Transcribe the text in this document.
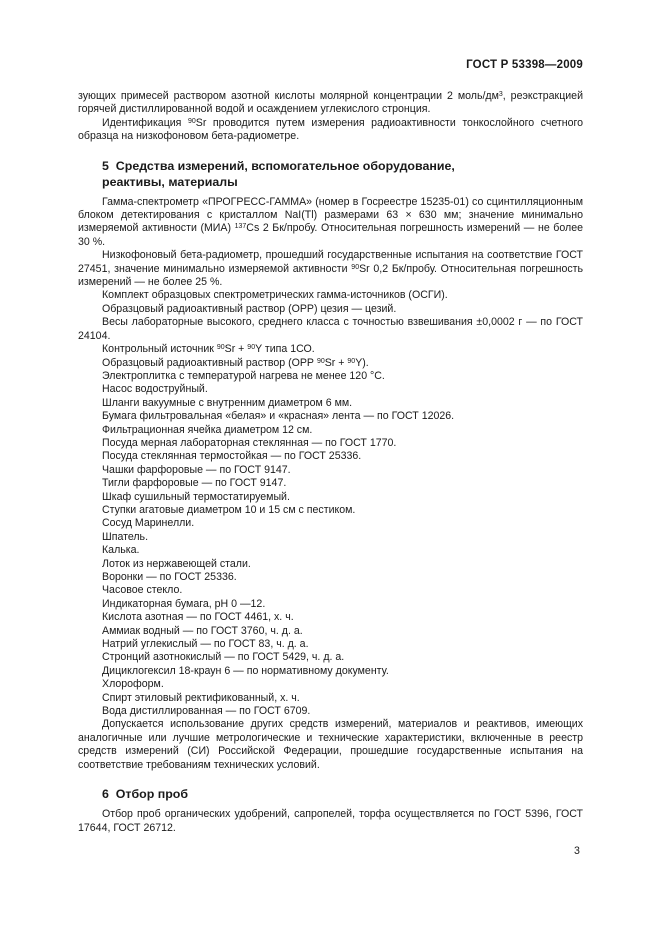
ГОСТ Р 53398—2009

зующих примесей раствором азотной кислоты молярной концентрации 2 моль/$дм^3$, реэкстракцией горячей дистиллированной водой и осаждением углекислого стронция.

Идентификация $^{90}$Sr проводится путем измерения радиоактивности тонкослойного счетного образца на низкофоновом бета-радиометре.

5 Средства измерений, вспомогательное оборудование,
реактивы, материалы

Гамма-спектрометр «ПРОГРЕСС-ГАММА» (номер в Госреестре 15235-01) со сцинтилляционным блоком детектирования с кристаллом NaI(Tl) размерами 63 × 630 мм; значение минимально измеряемой активности (МИА) $^{137}$Cs 2 Бк/пробу. Относительная погрешность измерений — не более 30 %.

Низкофоновый бета-радиометр, прошедший государственные испытания на соответствие ГОСТ 27451, значение минимально измеряемой активности $^{90}$Sr 0,2 Бк/пробу. Относительная погрешность измерений — не более 25 %.

Комплект образцовых спектрометрических гамма-источников (ОСГИ).
Образцовый радиоактивный раствор (ОРР) цезия — цезий.

Весы лабораторные высокого, среднего класса с точностью взвешивания ±0,0002 г — по ГОСТ 24104.

Контрольный источник $^{90}$Sr + $^{90}$Y типа 1СО.
Образцовый радиоактивный раствор (ОРР $^{90}$Sr + $^{90}$Y).
Электроплитка с температурой нагрева не менее 120 °С.
Насос водоструйный.
Шланги вакуумные с внутренним диаметром 6 мм.
Бумага фильтровальная «белая» и «красная» лента — по ГОСТ 12026.
Фильтрационная ячейка диаметром 12 см.
Посуда мерная лабораторная стеклянная — по ГОСТ 1770.
Посуда стеклянная термостойкая — по ГОСТ 25336.
Чашки фарфоровые — по ГОСТ 9147.
Тигли фарфоровые — по ГОСТ 9147.
Шкаф сушильный термостатируемый.
Ступки агатовые диаметром 10 и 15 см с пестиком.
Сосуд Маринелли.
Шпатель.
Калька.
Лоток из нержавеющей стали.
Воронки — по ГОСТ 25336.
Часовое стекло.
Индикаторная бумага, pH 0 —12.
Кислота азотная — по ГОСТ 4461, х. ч.
Аммиак водный — по ГОСТ 3760, ч. д. а.
Натрий углекислый — по ГОСТ 83, ч. д. а.
Стронций азотнокислый — по ГОСТ 5429, ч. д. а.
Дициклогексил 18-краун 6 — по нормативному документу.
Хлороформ.
Спирт этиловый ректификованный, х. ч.
Вода дистиллированная — по ГОСТ 6709.

Допускается использование других средств измерений, материалов и реактивов, имеющих аналогичные или лучшие метрологические и технические характеристики, включенные в реестр средств измерений (СИ) Российской Федерации, прошедшие государственные испытания на соответствие требованиям технических условий.

6 Отбор проб

Отбор проб органических удобрений, сапропелей, торфа осуществляется по ГОСТ 5396, ГОСТ 17644, ГОСТ 26712.

3
